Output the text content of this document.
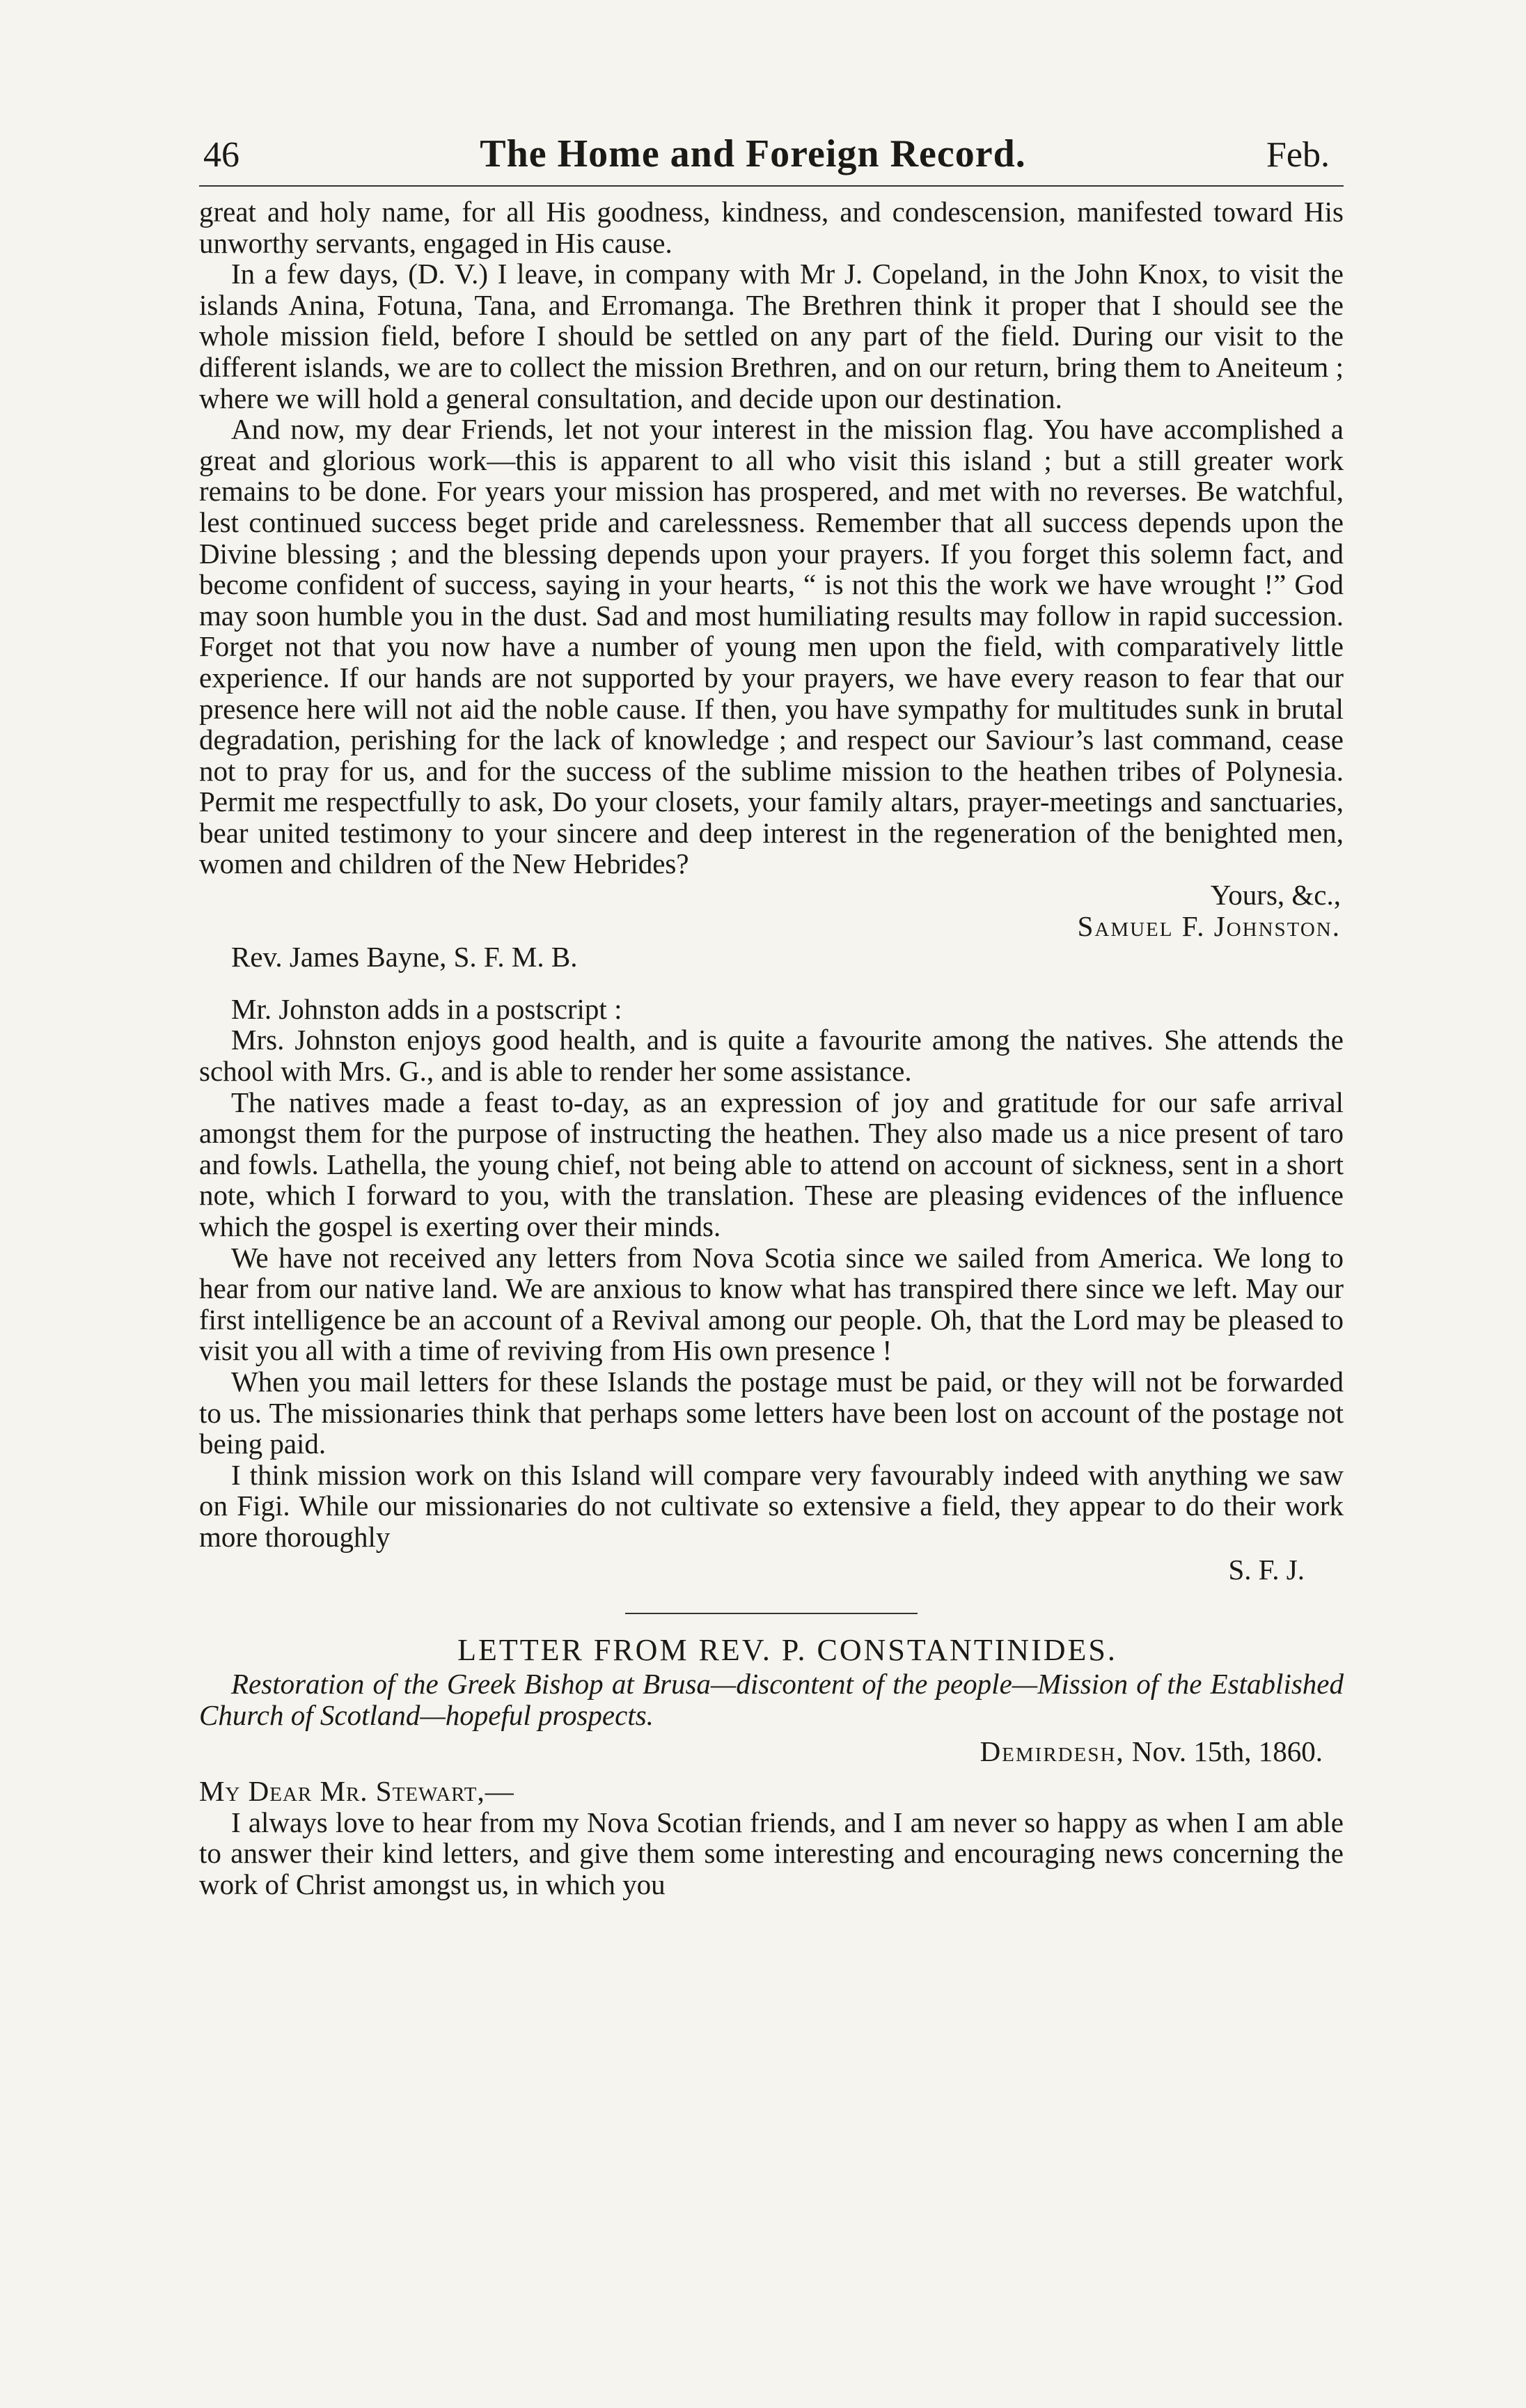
46	The Home and Foreign Record.	Feb.

great and holy name, for all His goodness, kindness, and condescension, manifested toward His unworthy servants, engaged in His cause.

In a few days, (D. V.) I leave, in company with Mr J. Copeland, in the John Knox, to visit the islands Anina, Fotuna, Tana, and Erromanga. The Brethren think it proper that I should see the whole mission field, before I should be settled on any part of the field. During our visit to the different islands, we are to collect the mission Brethren, and on our return, bring them to Aneiteum ; where we will hold a general consultation, and decide upon our destination.

And now, my dear Friends, let not your interest in the mission flag. You have accomplished a great and glorious work—this is apparent to all who visit this island ; but a still greater work remains to be done. For years your mission has prospered, and met with no reverses. Be watchful, lest continued success beget pride and carelessness. Remember that all success depends upon the Divine blessing ; and the blessing depends upon your prayers. If you forget this solemn fact, and become confident of success, saying in your hearts, “ is not this the work we have wrought !” God may soon humble you in the dust. Sad and most humiliating results may follow in rapid succession. Forget not that you now have a number of young men upon the field, with comparatively little experience. If our hands are not supported by your prayers, we have every reason to fear that our presence here will not aid the noble cause. If then, you have sympathy for multitudes sunk in brutal degradation, perishing for the lack of knowledge ; and respect our Saviour’s last command, cease not to pray for us, and for the success of the sublime mission to the heathen tribes of Polynesia. Permit me respectfully to ask, Do your closets, your family altars, prayer-meetings and sanctuaries, bear united testimony to your sincere and deep interest in the regeneration of the benighted men, women and children of the New Hebrides?

Yours, &c.,

Samuel F. Johnston.

Rev. James Bayne, S. F. M. B.

Mr. Johnston adds in a postscript :

Mrs. Johnston enjoys good health, and is quite a favourite among the natives. She attends the school with Mrs. G., and is able to render her some assistance.

The natives made a feast to-day, as an expression of joy and gratitude for our safe arrival amongst them for the purpose of instructing the heathen. They also made us a nice present of taro and fowls. Lathella, the young chief, not being able to attend on account of sickness, sent in a short note, which I forward to you, with the translation. These are pleasing evidences of the influence which the gospel is exerting over their minds.

We have not received any letters from Nova Scotia since we sailed from America. We long to hear from our native land. We are anxious to know what has transpired there since we left. May our first intelligence be an account of a Revival among our people. Oh, that the Lord may be pleased to visit you all with a time of reviving from His own presence !

When you mail letters for these Islands the postage must be paid, or they will not be forwarded to us. The missionaries think that perhaps some letters have been lost on account of the postage not being paid.

I think mission work on this Island will compare very favourably indeed with anything we saw on Figi. While our missionaries do not cultivate so extensive a field, they appear to do their work more thoroughly

S. F. J.

LETTER FROM REV. P. CONSTANTINIDES.

Restoration of the Greek Bishop at Brusa—discontent of the people—Mission of the Established Church of Scotland—hopeful prospects.

Demirdesh, Nov. 15th, 1860.

My Dear Mr. Stewart,—

I always love to hear from my Nova Scotian friends, and I am never so happy as when I am able to answer their kind letters, and give them some interesting and encouraging news concerning the work of Christ amongst us, in which you
